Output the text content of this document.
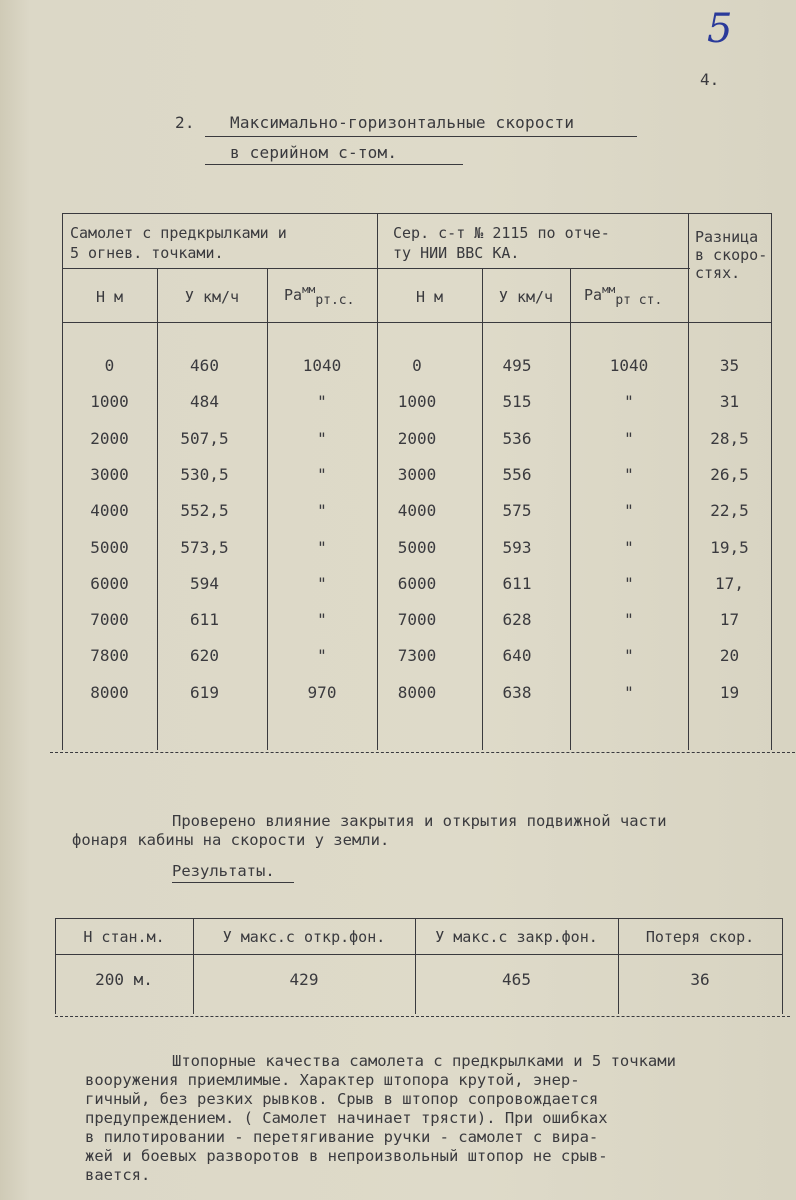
5
4.
2. Максимально-горизонтальные скорости
в серийном с-том.
Самолет с предкрылками и
5 огнев. точками.
Сер. с-т № 2115 по отче-
ту НИИ ВВС КА.
Разница
в скоро-
стях.
Н м	У км/ч	$Ра^{мм}рт.с$.	Н м	У км/ч	$Ра^{мм}рт$ ст.
0	460	1040	0	495	1040	35
1000	484	"	1000	515	"	31
2000	507,5	"	2000	536	"	28,5
3000	530,5	"	3000	556	"	26,5
4000	552,5	"	4000	575	"	22,5
5000	573,5	"	5000	593	"	19,5
6000	594	"	6000	611	"	17,
7000	611	"	7000	628	"	17
7800	620	"	7300	640	"	20
8000	619	970	8000	638	"	19
Проверено влияние закрытия и открытия подвижной части
фонаря кабины на скорости у земли.
Результаты.
Н стан.м.	У макс.с откр.фон.	У макс.с закр.фон.	Потеря скор.
200 м.	429	465	36
Штопорные качества самолета с предкрылками и 5 точками
вооружения приемлимые. Характер штопора крутой, энер-
гичный, без резких рывков. Срыв в штопор сопровождается
предупреждением. ( Самолет начинает трясти). При ошибках
в пилотировании - перетягивание ручки - самолет с вира-
жей и боевых разворотов в непроизвольный штопор не срыв-
вается.
